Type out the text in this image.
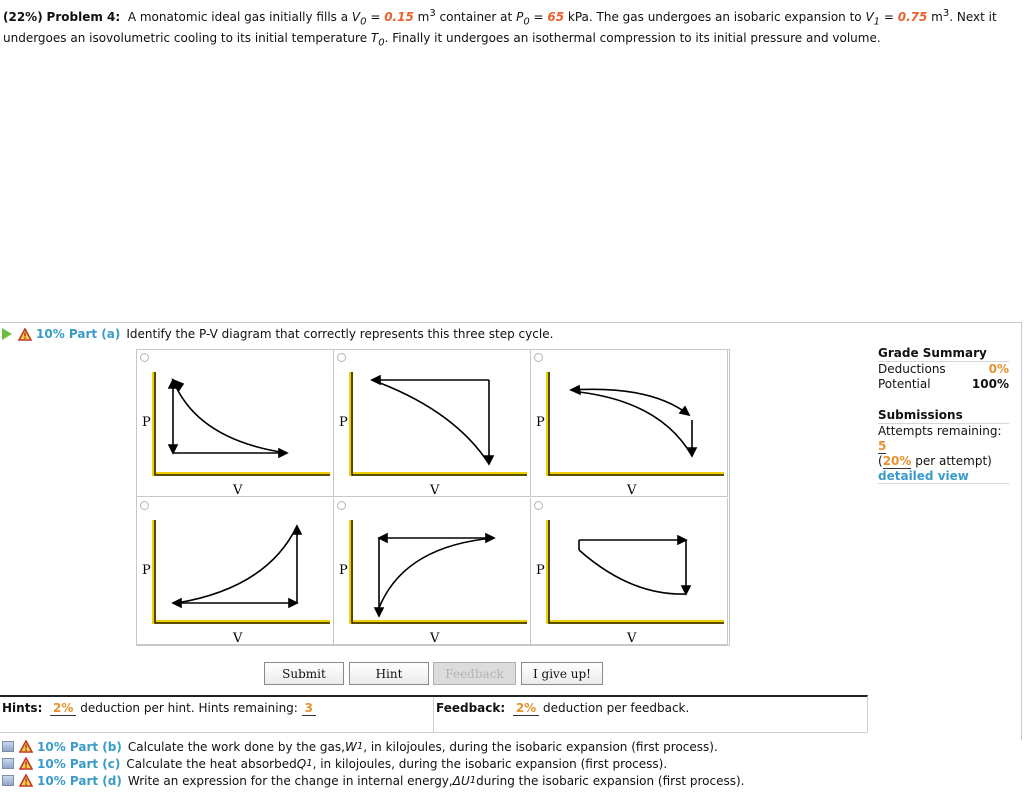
(22%) Problem 4: A monatomic ideal gas initially fills a $V_0 = 0.15$ $m^3$ container at $P_0 = 65$ kPa. The gas undergoes an isobaric expansion to $V_1 = 0.75$ $m^3$. Next it undergoes an isovolumetric cooling to its initial temperature $T_0$. Finally it undergoes an isothermal compression to its initial pressure and volume.
10% Part (a) Identify the P-V diagram that correctly represents this three step cycle.
P
V
P
V
P
V
P
V
P
V
P
V
Submit	Hint	Feedback	I give up!
Hints: 2% deduction per hint. Hints remaining: 3	Feedback: 2% deduction per feedback.
Grade Summary
Deductions	0%
Potential	100%
Submissions
Attempts remaining: 5
(20% per attempt)
detailed view
10% Part (b) Calculate the work done by the gas, W 1 , in kilojoules, during the isobaric expansion (first process).
10% Part (c) Calculate the heat absorbed Q 1 , in kilojoules, during the isobaric expansion (first process).
10% Part (d) Write an expression for the change in internal energy, ΔU 1 during the isobaric expansion (first process).
